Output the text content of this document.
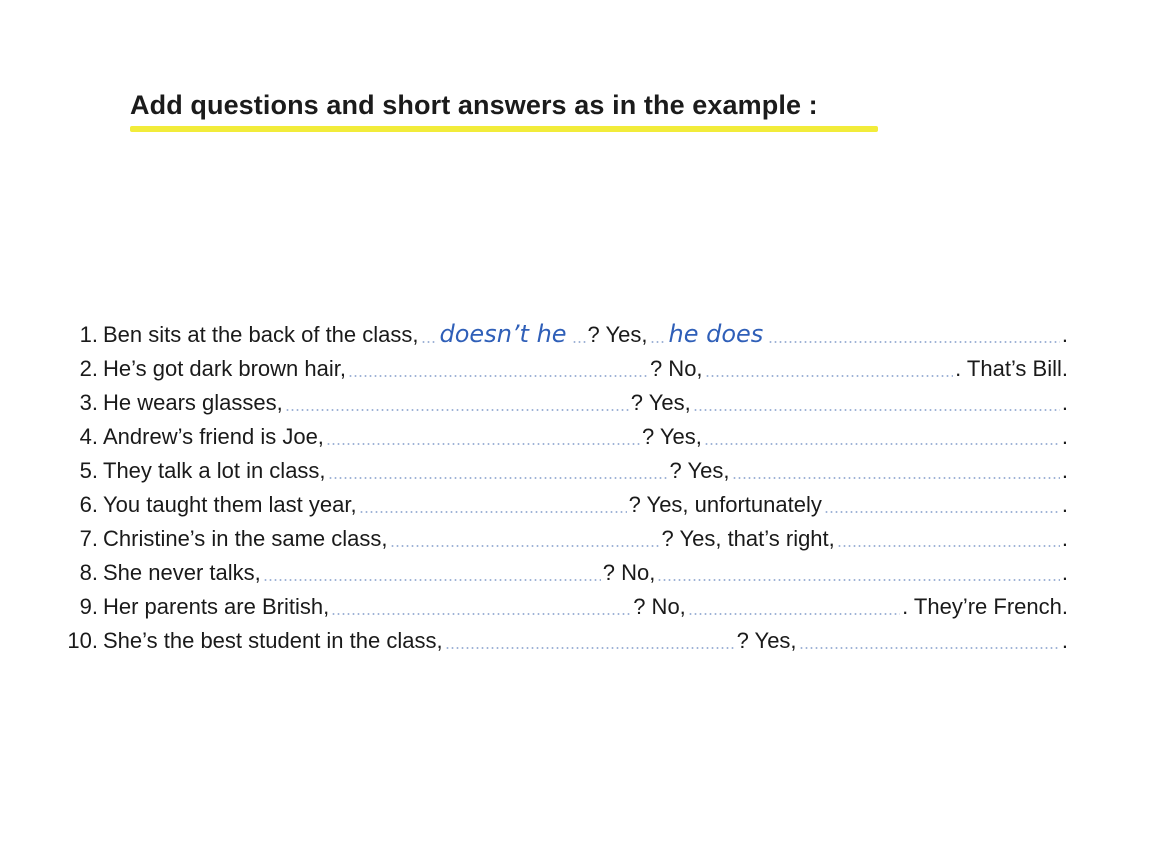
Add questions and short answers as in the example :
1. Ben sits at the back of the class, doesn’t he ? Yes, he does	.
2. He’s got dark brown hair,	? No,	. That’s Bill.
3. He wears glasses,	? Yes,	.
4. Andrew’s friend is Joe,	? Yes,	.
5. They talk a lot in class,	? Yes,	.
6. You taught them last year,	? Yes, unfortunately	.
7. Christine’s in the same class,	? Yes, that’s right,	.
8. She never talks,	? No,	.
9. Her parents are British,	? No,	. They’re French.
10. She’s the best student in the class,	? Yes,	.
